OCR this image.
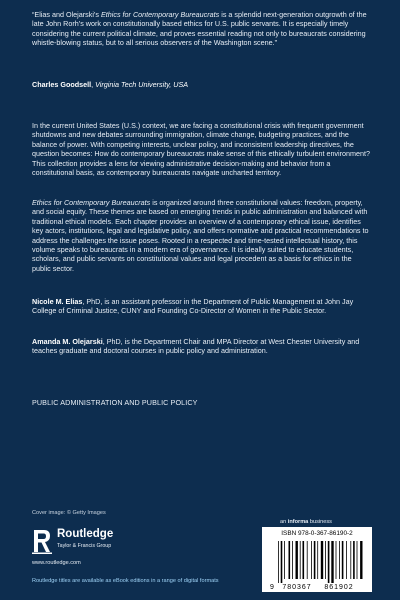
“Elias and Olejarski’s Ethics for Contemporary Bureaucrats is a splendid next-generation outgrowth of the late John Rorh’s work on constitutionally based ethics for U.S. public servants. It is especially timely considering the current political climate, and proves essential reading not only to bureaucrats considering whistle-blowing status, but to all serious observers of the Washington scene.”
Charles Goodsell, Virginia Tech University, USA
In the current United States (U.S.) context, we are facing a constitutional crisis with frequent government shutdowns and new debates surrounding immigration, climate change, budgeting practices, and the balance of power. With competing interests, unclear policy, and inconsistent leadership directives, the question becomes: How do contemporary bureaucrats make sense of this ethically turbulent environment? This collection provides a lens for viewing administrative decision-making and behavior from a constitutional basis, as contemporary bureaucrats navigate uncharted territory.
Ethics for Contemporary Bureaucrats is organized around three constitutional values: freedom, property, and social equity. These themes are based on emerging trends in public administration and balanced with traditional ethical models. Each chapter provides an overview of a contemporary ethical issue, identifies key actors, institutions, legal and legislative policy, and offers normative and practical recommendations to address the challenges the issue poses. Rooted in a respected and time-tested intellectual history, this volume speaks to bureaucrats in a modern era of governance. It is ideally suited to educate students, scholars, and public servants on constitutional values and legal precedent as a basis for ethics in the public sector.
Nicole M. Elias, PhD, is an assistant professor in the Department of Public Management at John Jay College of Criminal Justice, CUNY and Founding Co-Director of Women in the Public Sector.
Amanda M. Olejarski, PhD, is the Department Chair and MPA Director at West Chester University and teaches graduate and doctoral courses in public policy and administration.
PUBLIC ADMINISTRATION AND PUBLIC POLICY
Cover image: © Getty Images
an informa business
Routledge
Taylor & Francis Group
www.routledge.com
Routledge titles are available as eBook editions in a range of digital formats
ISBN 978-0-367-86190-2
9 780367 861902
